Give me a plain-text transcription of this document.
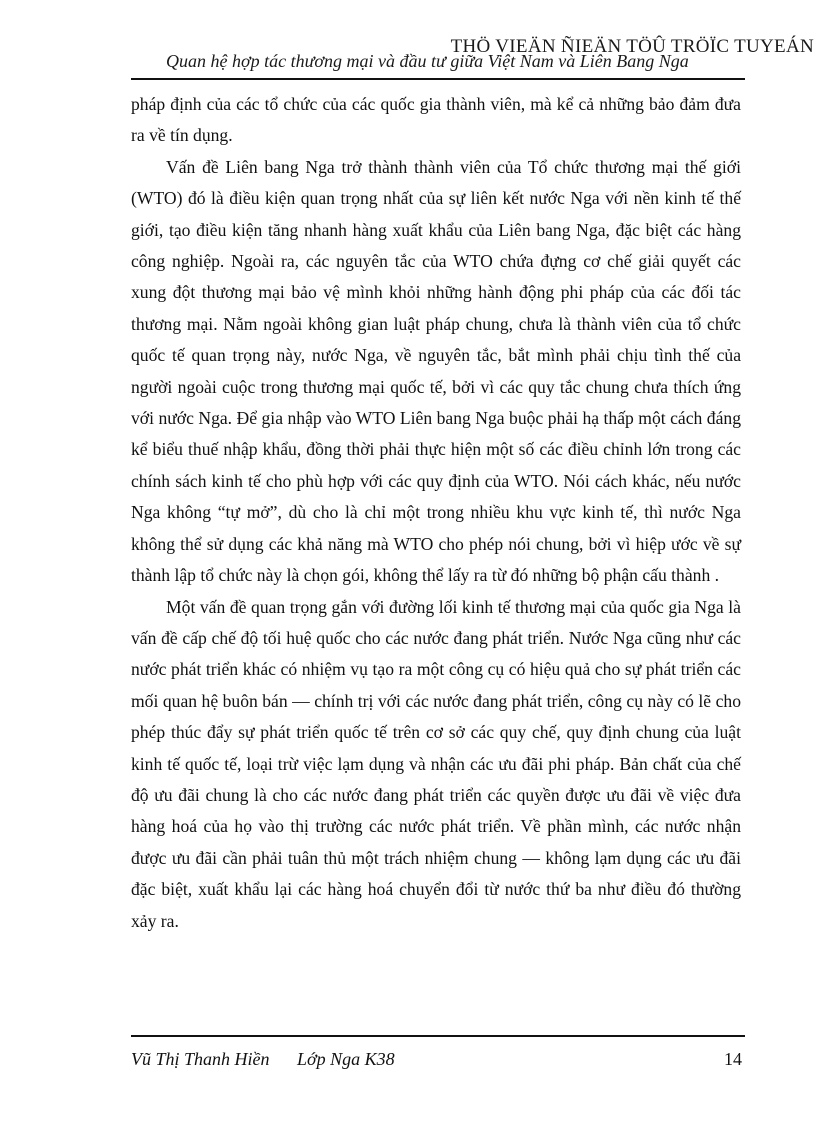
THÖ VIEÄN ÑIEÄN TÖÛ TRÖÏC TUYEÁN
Quan hệ hợp tác thương mại và đầu tư giữa Việt Nam và Liên Bang Nga

pháp định của các tổ chức của các quốc gia thành viên, mà kể cả những bảo đảm đưa ra về tín dụng.

Vấn đề Liên bang Nga trở thành thành viên của Tổ chức thương mại thế giới (WTO) đó là điều kiện quan trọng nhất của sự liên kết nước Nga với nền kinh tế thế giới, tạo điều kiện tăng nhanh hàng xuất khẩu của Liên bang Nga, đặc biệt các hàng công nghiệp. Ngoài ra, các nguyên tắc của WTO chứa đựng cơ chế giải quyết các xung đột thương mại bảo vệ mình khỏi những hành động phi pháp của các đối tác thương mại. Nằm ngoài không gian luật pháp chung, chưa là thành viên của tổ chức quốc tế quan trọng này, nước Nga, về nguyên tắc, bắt mình phải chịu tình thế của người ngoài cuộc trong thương mại quốc tế, bởi vì các quy tắc chung chưa thích ứng với nước Nga. Để gia nhập vào WTO Liên bang Nga buộc phải hạ thấp một cách đáng kể biểu thuế nhập khẩu, đồng thời phải thực hiện một số các điều chỉnh lớn trong các chính sách kinh tế cho phù hợp với các quy định của WTO. Nói cách khác, nếu nước Nga không “tự mở”, dù cho là chỉ một trong nhiều khu vực kinh tế, thì nước Nga không thể sử dụng các khả năng mà WTO cho phép nói chung, bởi vì hiệp ước về sự thành lập tổ chức này là chọn gói, không thể lấy ra từ đó những bộ phận cấu thành .

Một vấn đề quan trọng gắn với đường lối kinh tế thương mại của quốc gia Nga là vấn đề cấp chế độ tối huệ quốc cho các nước đang phát triển. Nước Nga cũng như các nước phát triển khác có nhiệm vụ tạo ra một công cụ có hiệu quả cho sự phát triển các mối quan hệ buôn bán — chính trị với các nước đang phát triển, công cụ này có lẽ cho phép thúc đẩy sự phát triển quốc tế trên cơ sở các quy chế, quy định chung của luật kinh tế quốc tế, loại trừ việc lạm dụng và nhận các ưu đãi phi pháp. Bản chất của chế độ ưu đãi chung là cho các nước đang phát triển các quyền được ưu đãi về việc đưa hàng hoá của họ vào thị trường các nước phát triển. Về phần mình, các nước nhận được ưu đãi cần phải tuân thủ một trách nhiệm chung — không lạm dụng các ưu đãi đặc biệt, xuất khẩu lại các hàng hoá chuyển đổi từ nước thứ ba như điều đó thường xảy ra.

Vũ Thị Thanh Hiền Lớp Nga K38	14
